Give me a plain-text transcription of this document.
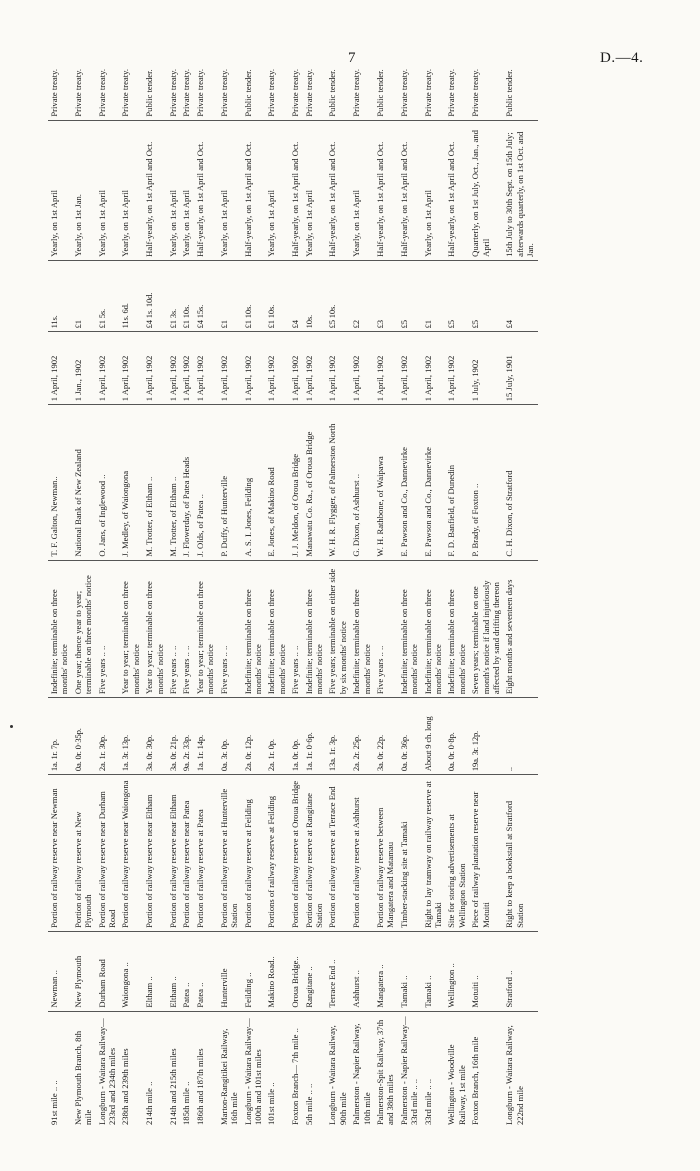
7	D.—4.
91st mile .. ..	Newman ..	Portion of railway reserve near Newman	1a. 1r. 7p.	Indefinite; terminable on three months' notice	T. F. Galton, Newman..	1 April, 1902	11s.	Yearly, on 1st April	Private treaty.
New Plymouth Branch, 8th mile	New Plymouth	Portion of railway reserve at New Plymouth	0a. 0r. 0·35p.	One year; thence year to year; terminable on three months' notice	National Bank of New Zealand	1 Jan., 1902	£1	Yearly, on 1st Jan.	Private treaty.
Longburn - Waitara Railway— 233rd and 234th miles	Durham Road	Portion of railway reserve near Durham Road	2a. 1r. 30p.	Five years .. ..	O. Jans, of Inglewood ..	1 April, 1902	£1 5s.	Yearly, on 1st April	Private treaty.
238th and 239th miles	Waiongona ..	Portion of railway reserve near Waiongona	1a. 3r. 13p.	Year to year; terminable on three months' notice	J. Medley, of Waiongona	1 April, 1902	11s. 6d.	Yearly, on 1st April	Private treaty.
214th mile ..	Eltham ..	Portion of railway reserve near Eltham	3a. 0r. 30p.	Year to year; terminable on three months' notice	M. Trotter, of Eltham ..	1 April, 1902	£4 1s. 10d.	Half-yearly, on 1st April and Oct.	Public tender.
214th and 215th miles	Eltham ..	Portion of railway reserve near Eltham	3a. 0r. 21p.	Five years .. ..	M. Trotter, of Eltham ..	1 April, 1902	£1 3s.	Yearly, on 1st April	Private treaty.
185th mile ..	Patea ..	Portion of railway reserve near Patea	9a. 2r. 33p.	Five years .. ..	J. Flowerday, of Patea Heads	1 April, 1902	£1 10s.	Yearly, on 1st April	Private treaty.
186th and 187th miles	Patea ..	Portion of railway reserve at Patea	1a. 1r. 14p.	Year to year; terminable on three months' notice	J. Olds, of Patea ..	1 April, 1902	£4 15s.	Half-yearly, on 1st April and Oct.	Private treaty.
Marton-Rangitikei Railway, 16th mile	Hunterville	Portion of railway reserve at Hunterville Station	0a. 3r. 0p.	Five years .. ..	P. Duffy, of Hunterville	1 April, 1902	£1	Yearly, on 1st April	Private treaty.
Longburn - Waitara Railway— 100th and 101st miles	Feilding ..	Portion of railway reserve at Feilding	2a. 0r. 12p.	Indefinite; terminable on three months' notice	A. S. I. Jones, Feilding	1 April, 1902	£1 10s.	Half-yearly, on 1st April and Oct.	Public tender.
101st mile ..	Makino Road..	Portions of railway reserve at Feilding	2a. 1r. 0p.	Indefinite; terminable on three months' notice	E. Jones, of Makino Road	1 April, 1902	£1 10s.	Yearly, on 1st April	Private treaty.
Foxton Branch— 7th mile ..	Oroua Bridge..	Portion of railway reserve at Oroua Bridge	1a. 0r. 0p.	Five years .. ..	J. J. Meldon, of Oroua Bridge	1 April, 1902	£4	Half-yearly, on 1st April and Oct.	Private treaty.
5th mile .. ..	Rangitane ..	Portion of railway reserve at Rangitane Station	1a. 1r. 0·6p.	Indefinite; terminable on three months' notice	Manawatu Co. Ra., of Oroua Bridge	1 April, 1902	10s.	Yearly, on 1st April	Private treaty.
Longburn - Waitara Railway, 90th mile	Terrace End ..	Portion of railway reserve at Terrace End	13a. 1r. 3p.	Five years; terminable on either side by six months' notice	W. H. R. Flygger, of Palmerston North	1 April, 1902	£5 10s.	Half-yearly, on 1st April and Oct.	Public tender.
Palmerston - Napier Railway, 10th mile	Ashhurst ..	Portion of railway reserve at Ashhurst	2a. 2r. 25p.	Indefinite; terminable on three months' notice	G. Dixon, of Ashhurst ..	1 April, 1902	£2	Yearly, on 1st April	Private treaty.
Palmerston-Spit Railway, 37th and 38th miles	Mangatera ..	Portion of railway reserve between Mangatera and Matamau	3a. 0r. 22p.	Five years .. ..	W. H. Rathbone, of Waipawa	1 April, 1902	£3	Half-yearly, on 1st April and Oct.	Public tender.
Palmerston - Napier Railway— 33rd mile .. ..	Tamaki ..	Timber-stacking site at Tamaki	0a. 0r. 36p.	Indefinite; terminable on three months' notice	E. Pawson and Co., Dannevirke	1 April, 1902	£5	Half-yearly, on 1st April and Oct.	Private treaty.
33rd mile .. ..	Tamaki ..	Right to lay tramway on railway reserve at Tamaki	About 9 ch. long	Indefinite; terminable on three months' notice	E. Pawson and Co., Dannevirke	1 April, 1902	£1	Yearly, on 1st April	Private treaty.
Wellington - Woodville Railway, 1st mile	Wellington ..	Site for storing advertisements at Wellington Station	0a. 0r. 0·8p.	Indefinite; terminable on three months' notice	F. D. Banfield, of Dunedin	1 April, 1902	£5	Half-yearly, on 1st April and Oct.	Private treaty.
Foxton Branch, 16th mile	Motuiti ..	Piece of railway plantation reserve near Motuiti	19a. 3r. 12p.	Seven years; terminable on one month's notice if land injuriously affected by sand drifting thereon	P. Brady, of Foxton ..	1 July, 1902	£5	Quarterly, on 1st July, Oct., Jan., and April	Private treaty.
Longburn - Waitara Railway, 222nd mile	Stratford ..	Right to keep a bookstall at Stratford Station	..	Eight months and seventeen days	C. H. Dixon, of Stratford	15 July, 1901	£4	15th July to 30th Sept. on 15th July; afterwards quarterly, on 1st Oct. and Jan.	Public tender.
